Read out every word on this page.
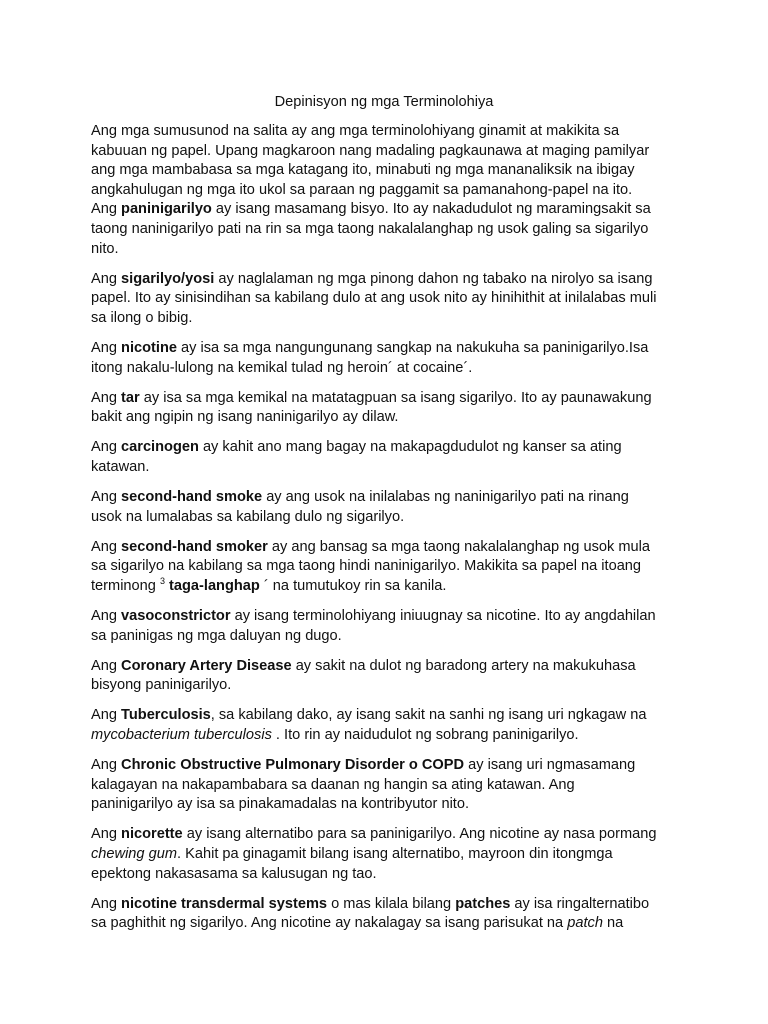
Depinisyon ng mga Terminolohiya

Ang mga sumusunod na salita ay ang mga terminolohiyang ginamit at makikita sa
kabuuan ng papel. Upang magkaroon nang madaling pagkaunawa at maging pamilyar
ang mga mambabasa sa mga katagang ito, minabuti ng mga mananaliksik na ibigay
angkahulugan ng mga ito ukol sa paraan ng paggamit sa pamanahong-papel na ito.

Ang paninigarilyo ay isang masamang bisyo. Ito ay nakadudulot ng maramingsakit sa
taong naninigarilyo pati na rin sa mga taong nakalalanghap ng usok galing sa sigarilyo
nito.

Ang sigarilyo/yosi ay naglalaman ng mga pinong dahon ng tabako na nirolyo sa isang
papel. Ito ay sinisindihan sa kabilang dulo at ang usok nito ay hinihithit at inilalabas muli
sa ilong o bibig.

Ang nicotine ay isa sa mga nangungunang sangkap na nakukuha sa paninigarilyo.Isa
itong nakalu-lulong na kemikal tulad ng heroin´ at cocaine´.

Ang tar ay isa sa mga kemikal na matatagpuan sa isang sigarilyo. Ito ay paunawakung
bakit ang ngipin ng isang naninigarilyo ay dilaw.

Ang carcinogen ay kahit ano mang bagay na makapagdudulot ng kanser sa ating
katawan.

Ang second-hand smoke ay ang usok na inilalabas ng naninigarilyo pati na rinang
usok na lumalabas sa kabilang dulo ng sigarilyo.

Ang second-hand smoker ay ang bansag sa mga taong nakalalanghap ng usok mula
sa sigarilyo na kabilang sa mga taong hindi naninigarilyo. Makikita sa papel na itoang
terminong $^3$ taga-langhap ´ na tumutukoy rin sa kanila.

Ang vasoconstrictor ay isang terminolohiyang iniuugnay sa nicotine. Ito ay angdahilan
sa paninigas ng mga daluyan ng dugo.

Ang Coronary Artery Disease ay sakit na dulot ng baradong artery na makukuhasa
bisyong paninigarilyo.

Ang Tuberculosis, sa kabilang dako, ay isang sakit na sanhi ng isang uri ngkagaw na
mycobacterium tuberculosis . Ito rin ay naidudulot ng sobrang paninigarilyo.

Ang Chronic Obstructive Pulmonary Disorder o COPD ay isang uri ngmasamang
kalagayan na nakapambabara sa daanan ng hangin sa ating katawan. Ang
paninigarilyo ay isa sa pinakamadalas na kontribyutor nito.

Ang nicorette ay isang alternatibo para sa paninigarilyo. Ang nicotine ay nasa pormang
chewing gum. Kahit pa ginagamit bilang isang alternatibo, mayroon din itongmga
epektong nakasasama sa kalusugan ng tao.

Ang nicotine transdermal systems o mas kilala bilang patches ay isa ringalternatibo
sa paghithit ng sigarilyo. Ang nicotine ay nakalagay sa isang parisukat na patch na
